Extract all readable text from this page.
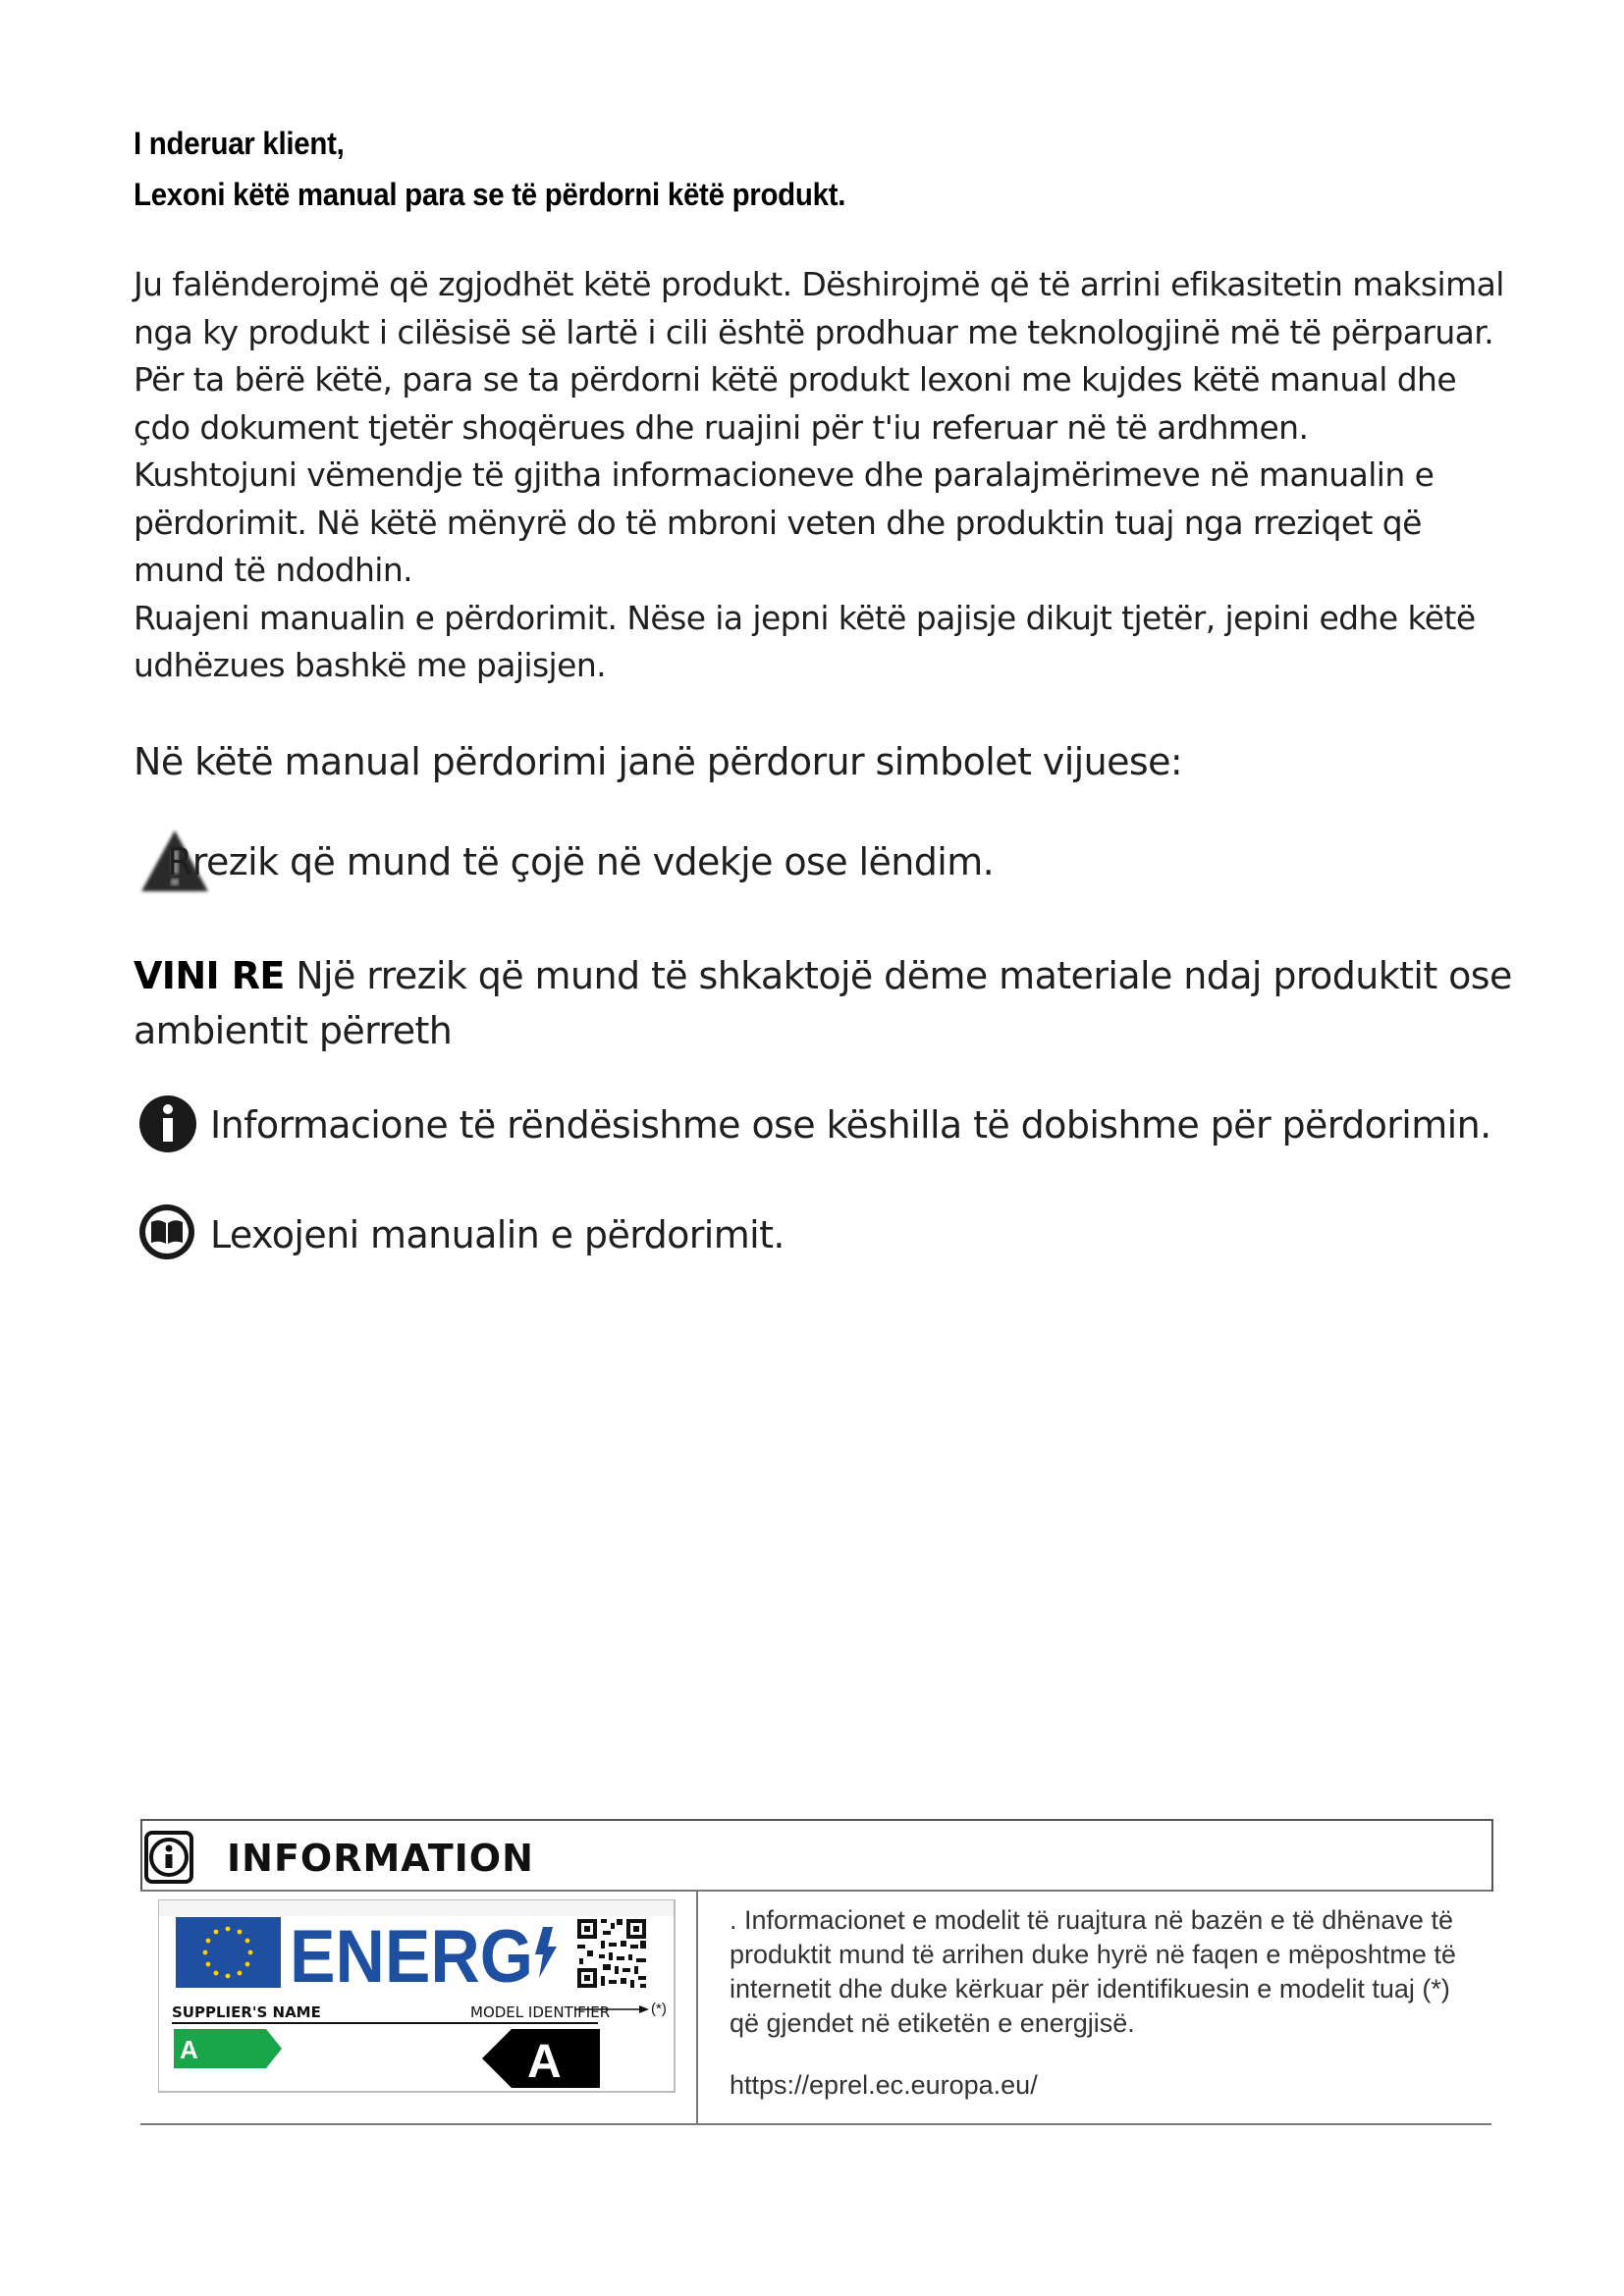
I nderuar klient,
Lexoni këtë manual para se të përdorni këtë produkt.

Ju falënderojmë që zgjodhët këtë produkt. Dëshirojmë që të arrini efikasitetin maksimal nga ky produkt i cilësisë së lartë i cili është prodhuar me teknologjinë më të përparuar. Për ta bërë këtë, para se ta përdorni këtë produkt lexoni me kujdes këtë manual dhe çdo dokument tjetër shoqërues dhe ruajini për t'iu referuar në të ardhmen.

Kushtojuni vëmendje të gjitha informacioneve dhe paralajmërimeve në manualin e përdorimit. Në këtë mënyrë do të mbroni veten dhe produktin tuaj nga rreziqet që mund të ndodhin.

Ruajeni manualin e përdorimit. Nëse ia jepni këtë pajisje dikujt tjetër, jepini edhe këtë udhëzues bashkë me pajisjen.

Në këtë manual përdorimi janë përdorur simbolet vijuese:
Rrezik që mund të çojë në vdekje ose lëndim.
VINI RE Një rrezik që mund të shkaktojë dëme materiale ndaj produktit ose ambientit përreth
Informacione të rëndësishme ose këshilla të dobishme për përdorimin.
Lexojeni manualin e përdorimit.
INFORMATION
ENERG
SUPPLIER'S NAME	MODEL IDENTIFIER
A	A
(*)

. Informacionet e modelit të ruajtura në bazën e të dhënave të produktit mund të arrihen duke hyrë në faqen e mëposhtme të internetit dhe duke kërkuar për identifikuesin e modelit tuaj (*) që gjendet në etiketën e energjisë.

https://eprel.ec.europa.eu/
